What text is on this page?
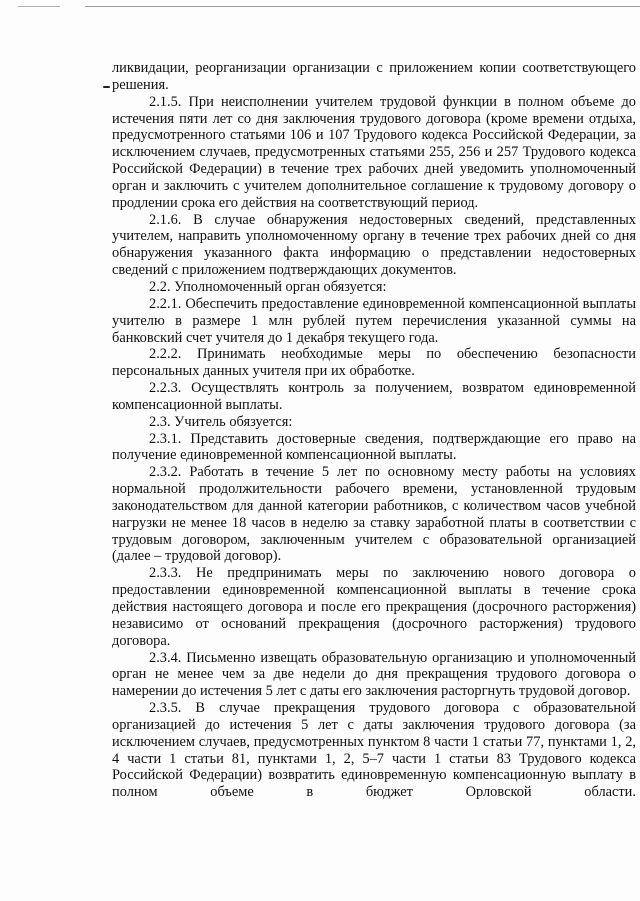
ликвидации, реорганизации организации с приложением копии соответствующего решения.

2.1.5. При неисполнении учителем трудовой функции в полном объеме до истечения пяти лет со дня заключения трудового договора (кроме времени отдыха, предусмотренного статьями 106 и 107 Трудового кодекса Российской Федерации, за исключением случаев, предусмотренных статьями 255, 256 и 257 Трудового кодекса Российской Федерации) в течение трех рабочих дней уведомить уполномоченный орган и заключить с учителем дополнительное соглашение к трудовому договору о продлении срока его действия на соответствующий период.

2.1.6. В случае обнаружения недостоверных сведений, представленных учителем, направить уполномоченному органу в течение трех рабочих дней со дня обнаружения указанного факта информацию о представлении недостоверных сведений с приложением подтверждающих документов.

2.2. Уполномоченный орган обязуется:

2.2.1. Обеспечить предоставление единовременной компенсационной выплаты учителю в размере 1 млн рублей путем перечисления указанной суммы на банковский счет учителя до 1 декабря текущего года.

2.2.2. Принимать необходимые меры по обеспечению безопасности персональных данных учителя при их обработке.

2.2.3. Осуществлять контроль за получением, возвратом единовременной компенсационной выплаты.

2.3. Учитель обязуется:

2.3.1. Представить достоверные сведения, подтверждающие его право на получение единовременной компенсационной выплаты.

2.3.2. Работать в течение 5 лет по основному месту работы на условиях нормальной продолжительности рабочего времени, установленной трудовым законодательством для данной категории работников, с количеством часов учебной нагрузки не менее 18 часов в неделю за ставку заработной платы в соответствии с трудовым договором, заключенным учителем с образовательной организацией (далее – трудовой договор).

2.3.3. Не предпринимать меры по заключению нового договора о предоставлении единовременной компенсационной выплаты в течение срока действия настоящего договора и после его прекращения (досрочного расторжения) независимо от оснований прекращения (досрочного расторжения) трудового договора.

2.3.4. Письменно извещать образовательную организацию и уполномоченный орган не менее чем за две недели до дня прекращения трудового договора о намерении до истечения 5 лет с даты его заключения расторгнуть трудовой договор.

2.3.5. В случае прекращения трудового договора с образовательной организацией до истечения 5 лет с даты заключения трудового договора (за исключением случаев, предусмотренных пунктом 8 части 1 статьи 77, пунктами 1, 2, 4 части 1 статьи 81, пунктами 1, 2, 5–7 части 1 статьи 83 Трудового кодекса Российской Федерации) возвратить единовременную компенсационную выплату в полном объеме в бюджет Орловской области.
